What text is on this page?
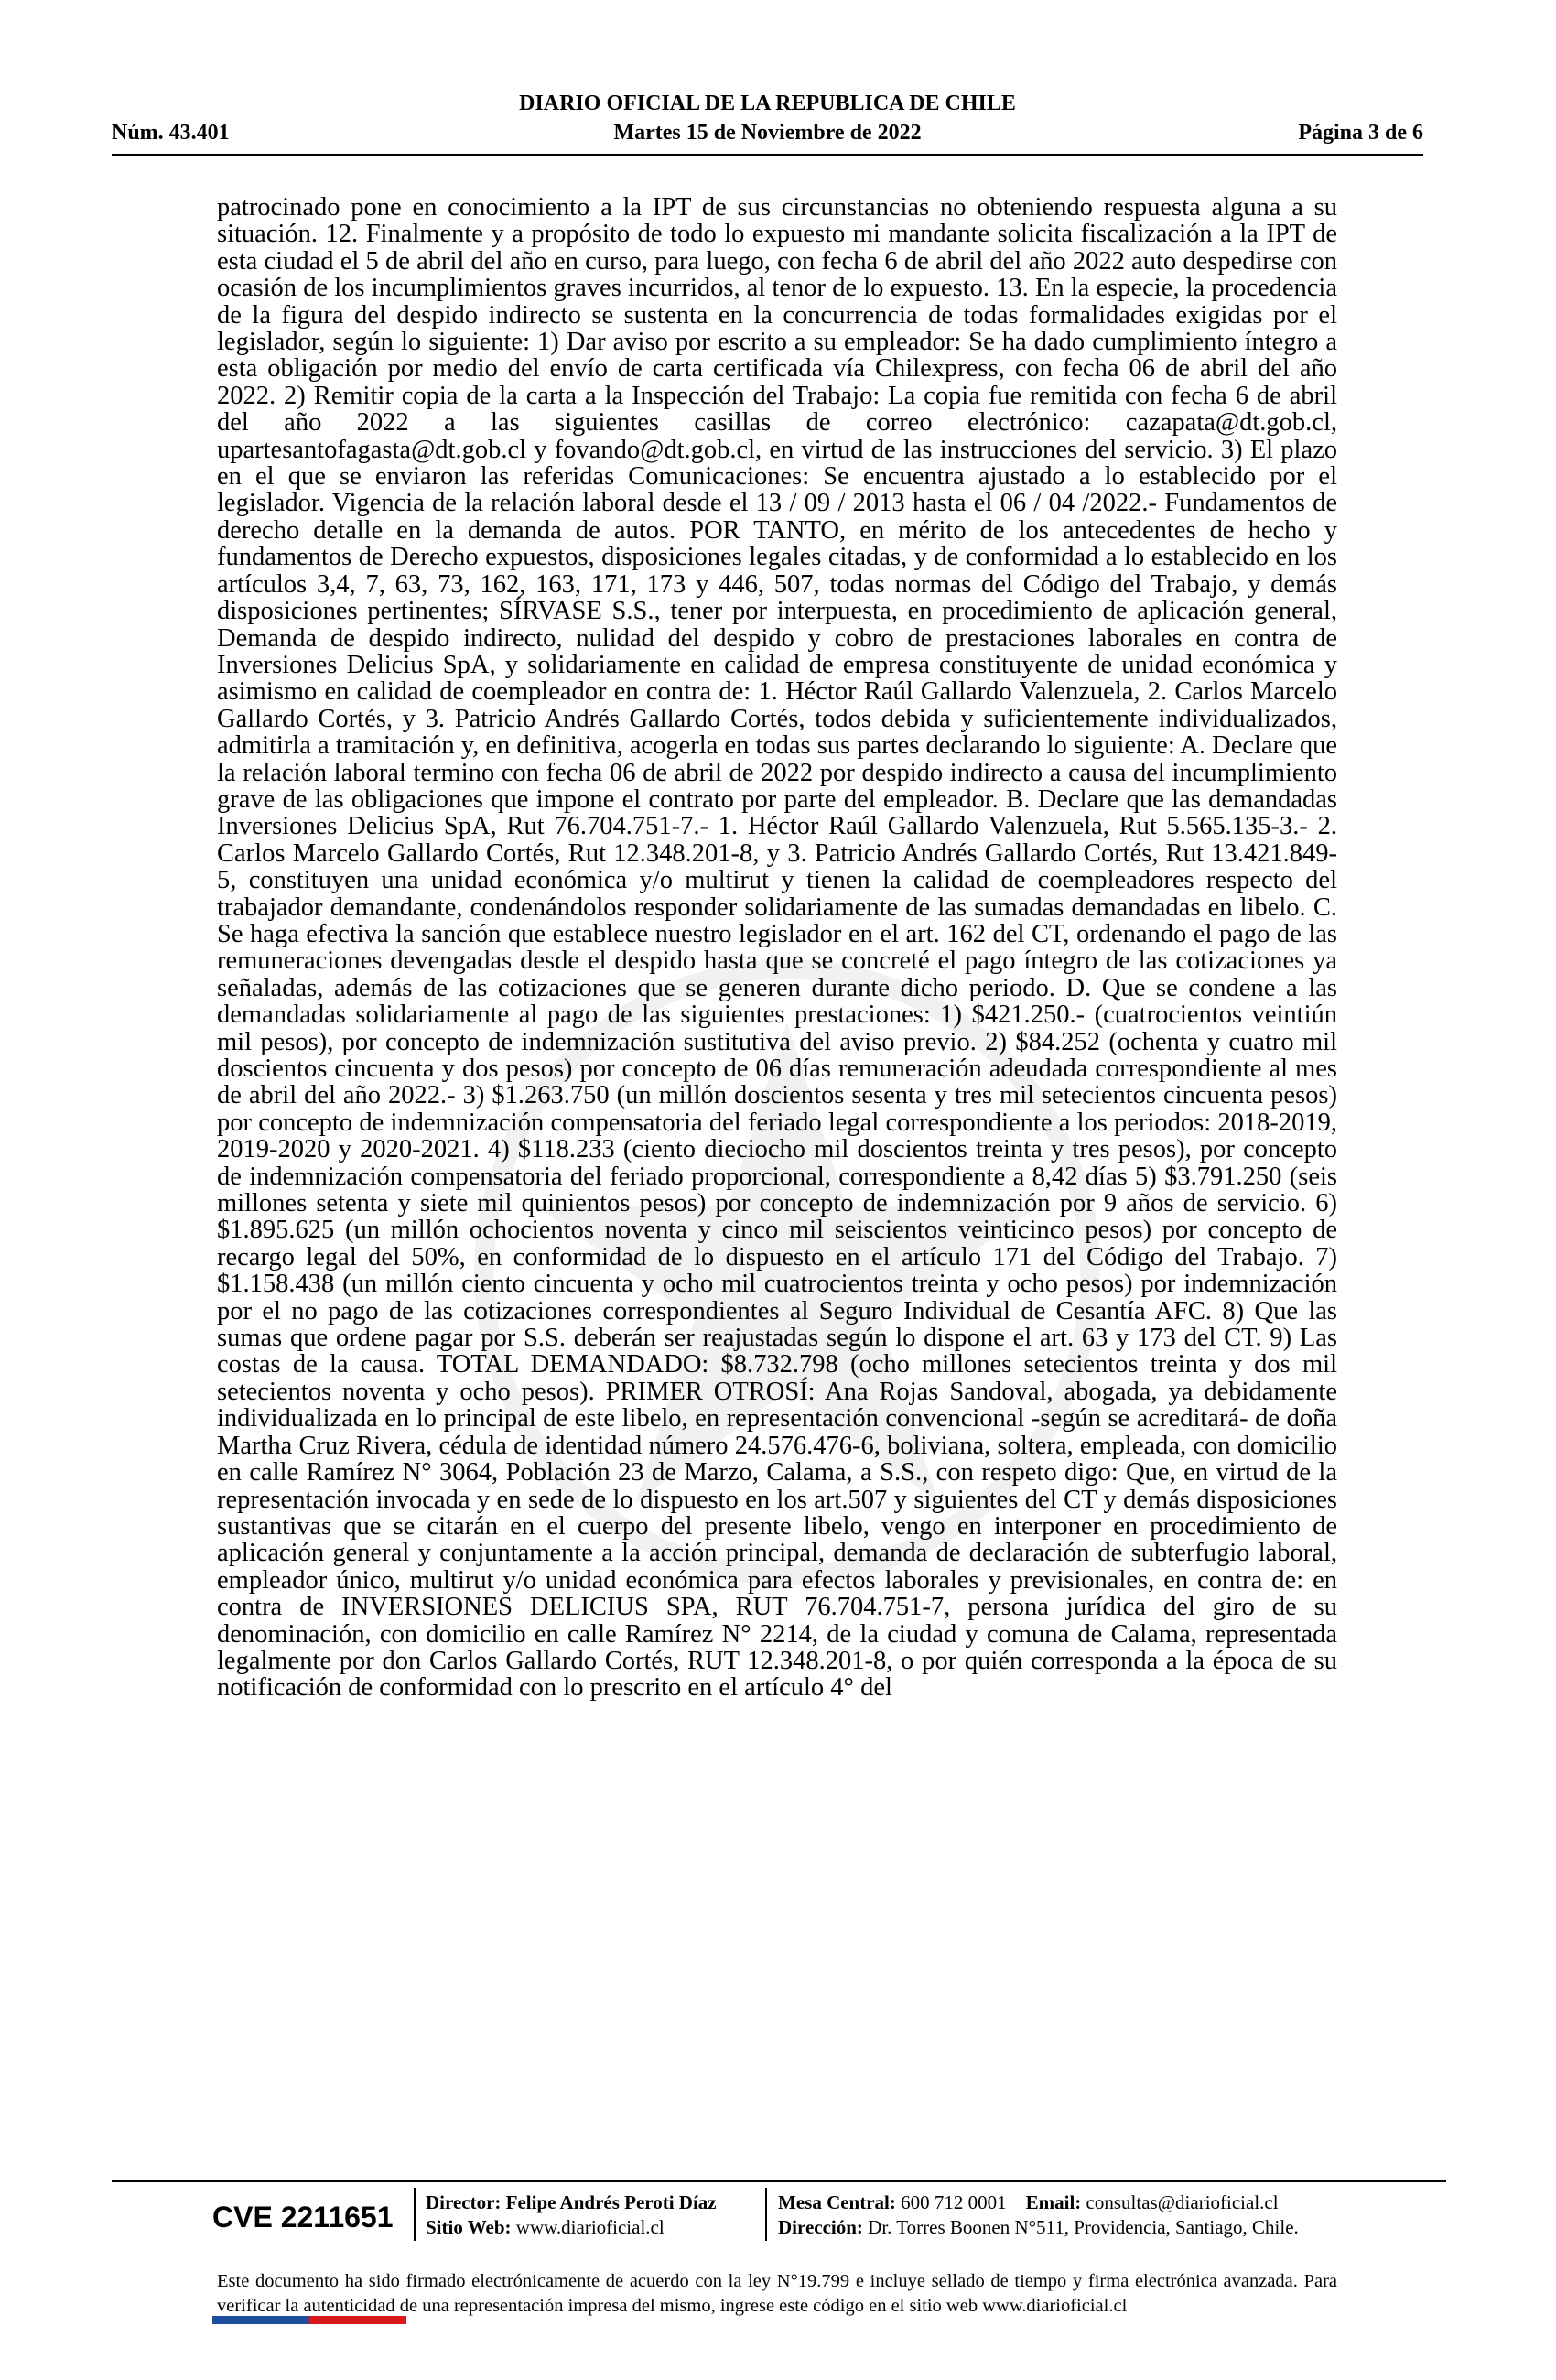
DIARIO OFICIAL DE LA REPUBLICA DE CHILE
Núm. 43.401	Martes 15 de Noviembre de 2022	Página 3 de 6
patrocinado pone en conocimiento a la IPT de sus circunstancias no obteniendo respuesta alguna a su situación. 12. Finalmente y a propósito de todo lo expuesto mi mandante solicita fiscalización a la IPT de esta ciudad el 5 de abril del año en curso, para luego, con fecha 6 de abril del año 2022 auto despedirse con ocasión de los incumplimientos graves incurridos, al tenor de lo expuesto. 13. En la especie, la procedencia de la figura del despido indirecto se sustenta en la concurrencia de todas formalidades exigidas por el legislador, según lo siguiente: 1) Dar aviso por escrito a su empleador: Se ha dado cumplimiento íntegro a esta obligación por medio del envío de carta certificada vía Chilexpress, con fecha 06 de abril del año 2022. 2) Remitir copia de la carta a la Inspección del Trabajo: La copia fue remitida con fecha 6 de abril del año 2022 a las siguientes casillas de correo electrónico: cazapata@dt.gob.cl, upartesantofagasta@dt.gob.cl y fovando@dt.gob.cl, en virtud de las instrucciones del servicio. 3) El plazo en el que se enviaron las referidas Comunicaciones: Se encuentra ajustado a lo establecido por el legislador. Vigencia de la relación laboral desde el 13 / 09 / 2013 hasta el 06 / 04 /2022.- Fundamentos de derecho detalle en la demanda de autos. POR TANTO, en mérito de los antecedentes de hecho y fundamentos de Derecho expuestos, disposiciones legales citadas, y de conformidad a lo establecido en los artículos 3,4, 7, 63, 73, 162, 163, 171, 173 y 446, 507, todas normas del Código del Trabajo, y demás disposiciones pertinentes; SÍRVASE S.S., tener por interpuesta, en procedimiento de aplicación general, Demanda de despido indirecto, nulidad del despido y cobro de prestaciones laborales en contra de Inversiones Delicius SpA, y solidariamente en calidad de empresa constituyente de unidad económica y asimismo en calidad de coempleador en contra de: 1. Héctor Raúl Gallardo Valenzuela, 2. Carlos Marcelo Gallardo Cortés, y 3. Patricio Andrés Gallardo Cortés, todos debida y suficientemente individualizados, admitirla a tramitación y, en definitiva, acogerla en todas sus partes declarando lo siguiente: A. Declare que la relación laboral termino con fecha 06 de abril de 2022 por despido indirecto a causa del incumplimiento grave de las obligaciones que impone el contrato por parte del empleador. B. Declare que las demandadas Inversiones Delicius SpA, Rut 76.704.751-7.- 1. Héctor Raúl Gallardo Valenzuela, Rut 5.565.135-3.- 2. Carlos Marcelo Gallardo Cortés, Rut 12.348.201-8, y 3. Patricio Andrés Gallardo Cortés, Rut 13.421.849-5, constituyen una unidad económica y/o multirut y tienen la calidad de coempleadores respecto del trabajador demandante, condenándolos responder solidariamente de las sumadas demandadas en libelo. C. Se haga efectiva la sanción que establece nuestro legislador en el art. 162 del CT, ordenando el pago de las remuneraciones devengadas desde el despido hasta que se concreté el pago íntegro de las cotizaciones ya señaladas, además de las cotizaciones que se generen durante dicho periodo. D. Que se condene a las demandadas solidariamente al pago de las siguientes prestaciones: 1) $421.250.- (cuatrocientos veintiún mil pesos), por concepto de indemnización sustitutiva del aviso previo. 2) $84.252 (ochenta y cuatro mil doscientos cincuenta y dos pesos) por concepto de 06 días remuneración adeudada correspondiente al mes de abril del año 2022.- 3) $1.263.750 (un millón doscientos sesenta y tres mil setecientos cincuenta pesos) por concepto de indemnización compensatoria del feriado legal correspondiente a los periodos: 2018-2019, 2019-2020 y 2020-2021. 4) $118.233 (ciento dieciocho mil doscientos treinta y tres pesos), por concepto de indemnización compensatoria del feriado proporcional, correspondiente a 8,42 días 5) $3.791.250 (seis millones setenta y siete mil quinientos pesos) por concepto de indemnización por 9 años de servicio. 6) $1.895.625 (un millón ochocientos noventa y cinco mil seiscientos veinticinco pesos) por concepto de recargo legal del 50%, en conformidad de lo dispuesto en el artículo 171 del Código del Trabajo. 7) $1.158.438 (un millón ciento cincuenta y ocho mil cuatrocientos treinta y ocho pesos) por indemnización por el no pago de las cotizaciones correspondientes al Seguro Individual de Cesantía AFC. 8) Que las sumas que ordene pagar por S.S. deberán ser reajustadas según lo dispone el art. 63 y 173 del CT. 9) Las costas de la causa. TOTAL DEMANDADO: $8.732.798 (ocho millones setecientos treinta y dos mil setecientos noventa y ocho pesos). PRIMER OTROSÍ: Ana Rojas Sandoval, abogada, ya debidamente individualizada en lo principal de este libelo, en representación convencional -según se acreditará- de doña Martha Cruz Rivera, cédula de identidad número 24.576.476-6, boliviana, soltera, empleada, con domicilio en calle Ramírez N° 3064, Población 23 de Marzo, Calama, a S.S., con respeto digo: Que, en virtud de la representación invocada y en sede de lo dispuesto en los art.507 y siguientes del CT y demás disposiciones sustantivas que se citarán en el cuerpo del presente libelo, vengo en interponer en procedimiento de aplicación general y conjuntamente a la acción principal, demanda de declaración de subterfugio laboral, empleador único, multirut y/o unidad económica para efectos laborales y previsionales, en contra de: en contra de INVERSIONES DELICIUS SPA, RUT 76.704.751-7, persona jurídica del giro de su denominación, con domicilio en calle Ramírez N° 2214, de la ciudad y comuna de Calama, representada legalmente por don Carlos Gallardo Cortés, RUT 12.348.201-8, o por quién corresponda a la época de su notificación de conformidad con lo prescrito en el artículo 4° del
CVE 2211651	Director: Felipe Andrés Peroti Díaz
Sitio Web: www.diarioficial.cl
Mesa Central: 600 712 0001 Email: consultas@diarioficial.cl
Dirección: Dr. Torres Boonen N°511, Providencia, Santiago, Chile.
Este documento ha sido firmado electrónicamente de acuerdo con la ley N°19.799 e incluye sellado de tiempo y firma electrónica avanzada. Para verificar la autenticidad de una representación impresa del mismo, ingrese este código en el sitio web www.diarioficial.cl
